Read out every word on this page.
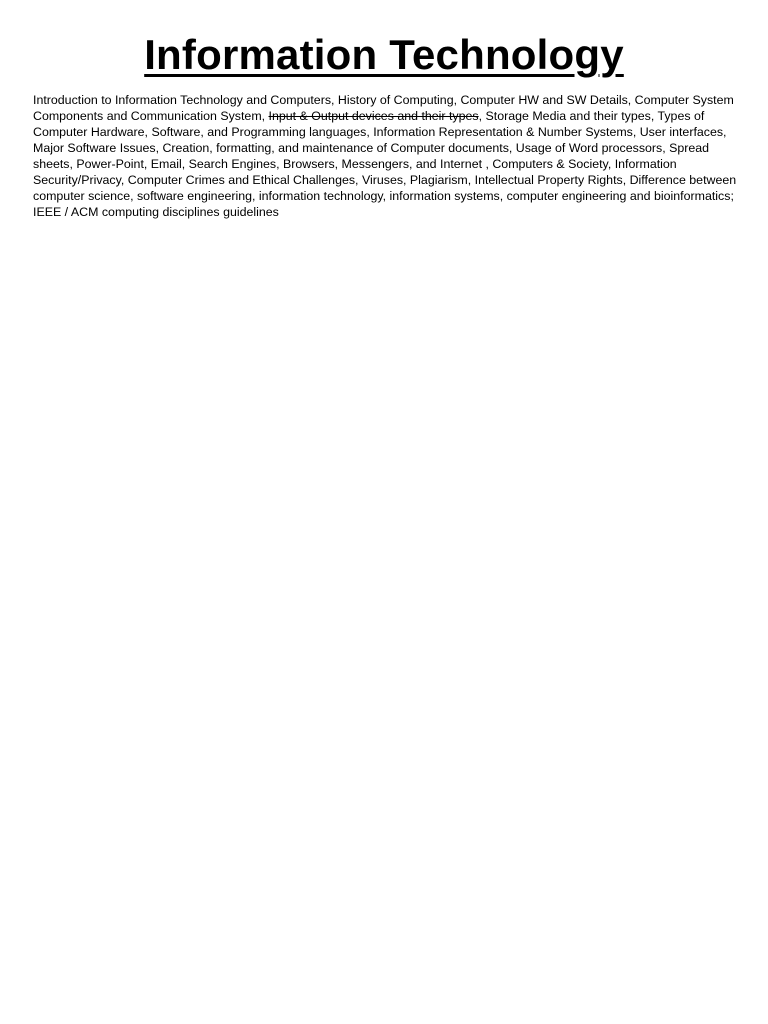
Information Technology

Introduction to Information Technology and Computers, History of Computing, Computer HW and SW Details, Computer System Components and Communication System, Input & Output devices and their types, Storage Media and their types, Types of Computer Hardware, Software, and Programming languages, Information Representation & Number Systems, User interfaces, Major Software Issues, Creation, formatting, and maintenance of Computer documents, Usage of Word processors, Spread sheets, Power-Point, Email, Search Engines, Browsers, Messengers, and Internet , Computers & Society, Information Security/Privacy, Computer Crimes and Ethical Challenges, Viruses, Plagiarism, Intellectual Property Rights, Difference between computer science, software engineering, information technology, information systems, computer engineering and bioinformatics; IEEE / ACM computing disciplines guidelines
